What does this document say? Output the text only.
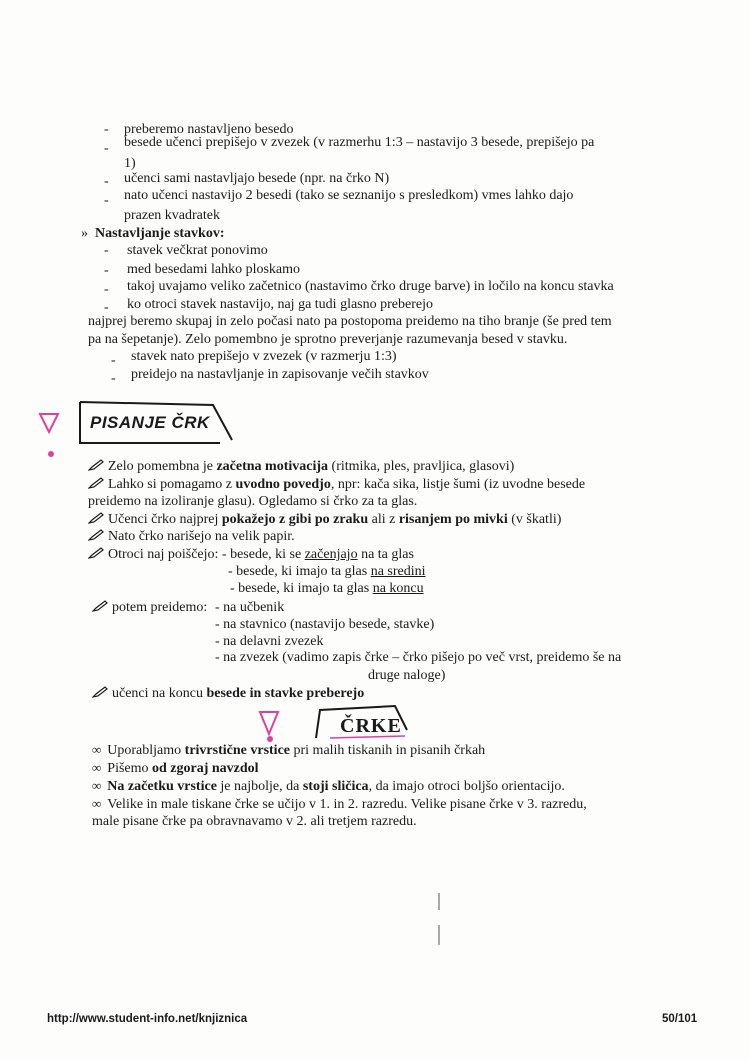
- preberemo nastavljeno besedo
- besede učenci prepišejo v zvezek (v razmerhu 1:3 – nastavijo 3 besede, prepišejo pa
1)
- učenci sami nastavljajo besede (npr. na črko N)
- nato učenci nastavijo 2 besedi (tako se seznanijo s presledkom) vmes lahko dajo
prazen kvadratek
» Nastavljanje stavkov:
- stavek večkrat ponovimo
- med besedami lahko ploskamo
- takoj uvajamo veliko začetnico (nastavimo črko druge barve) in ločilo na koncu stavka
- ko otroci stavek nastavijo, naj ga tudi glasno preberejo
najprej beremo skupaj in zelo počasi nato pa postopoma preidemo na tiho branje (še pred tem
pa na šepetanje). Zelo pomembno je sprotno preverjanje razumevanja besed v stavku.
- stavek nato prepišejo v zvezek (v razmerju 1:3)
- preidejo na nastavljanje in zapisovanje večih stavkov
PISANJE ČRK
Zelo pomembna je začetna motivacija (ritmika, ples, pravljica, glasovi)
Lahko si pomagamo z uvodno povedjo, npr: kača sika, listje šumi (iz uvodne besede
preidemo na izoliranje glasu). Ogledamo si črko za ta glas.
Učenci črko najprej pokažejo z gibi po zraku ali z risanjem po mivki (v škatli)
Nato črko narišejo na velik papir.
Otroci naj poiščejo: - besede, ki se začenjajo na ta glas
- besede, ki imajo ta glas na sredini
- besede, ki imajo ta glas na koncu
potem preidemo: - na učbenik
- na stavnico (nastavijo besede, stavke)
- na delavni zvezek
- na zvezek (vadimo zapis črke – črko pišejo po več vrst, preidemo še na
druge naloge)
učenci na koncu besede in stavke preberejo
ČRKE
∞ Uporabljamo trivrstične vrstice pri malih tiskanih in pisanih črkah
∞ Pišemo od zgoraj navzdol
∞ Na začetku vrstice je najbolje, da stoji sličica, da imajo otroci boljšo orientacijo.
∞ Velike in male tiskane črke se učijo v 1. in 2. razredu. Velike pisane črke v 3. razredu,
male pisane črke pa obravnavamo v 2. ali tretjem razredu.
http://www.student-info.net/knjiznica	50/101
